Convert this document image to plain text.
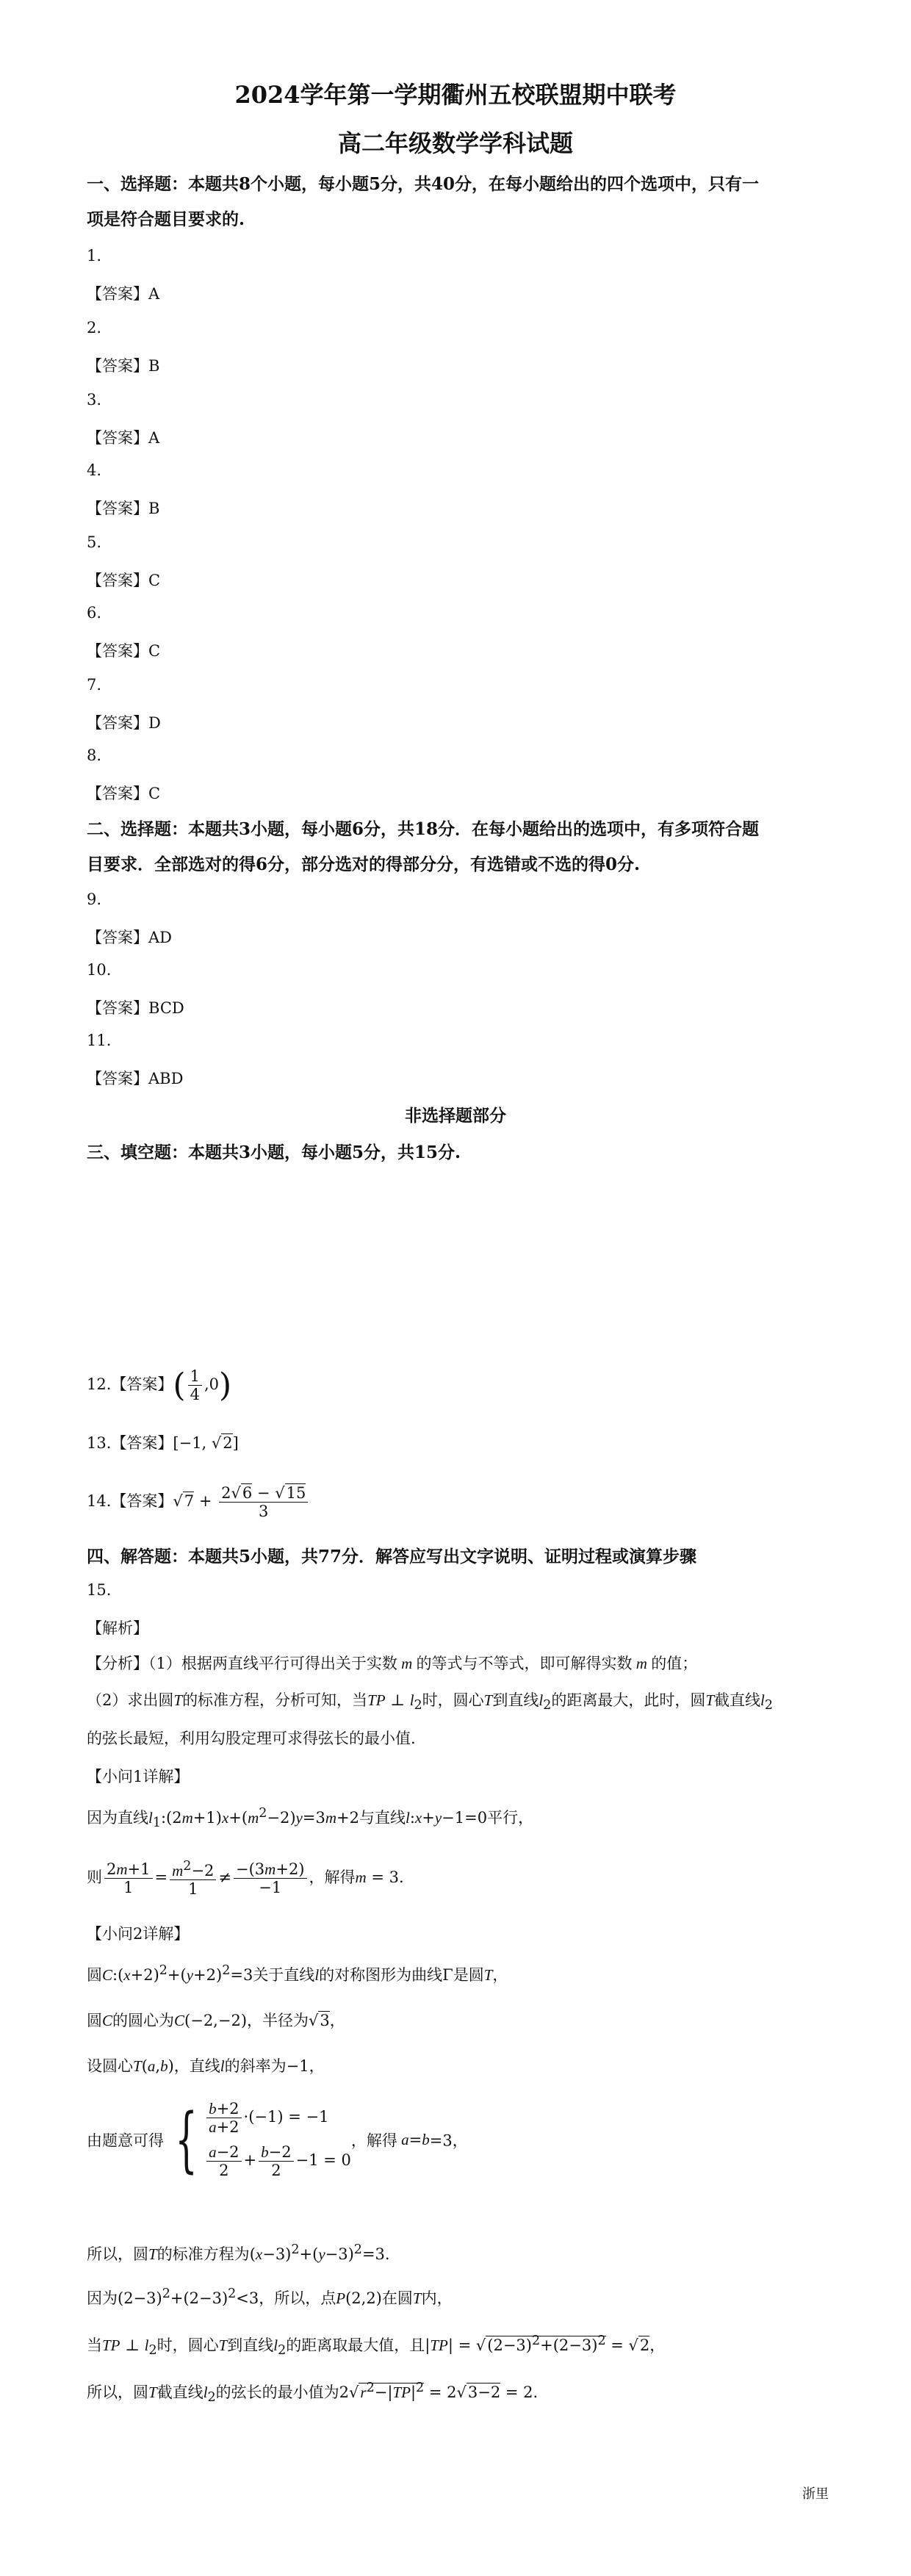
2024学年第一学期衢州五校联盟期中联考
高二年级数学学科试题
一、选择题：本题共8个小题，每小题5分，共40分，在每小题给出的四个选项中，只有一
项是符合题目要求的.
1.
【答案】A
2.
【答案】B
3.
【答案】A
4.
【答案】B
5.
【答案】C
6.
【答案】C
7.
【答案】D
8.
【答案】C
二、选择题：本题共3小题，每小题6分，共18分．在每小题给出的选项中，有多项符合题
目要求．全部选对的得6分，部分选对的得部分分，有选错或不选的得0分.
9.
【答案】AD
10.
【答案】BCD
11.
【答案】ABD
非选择题部分
三、填空题：本题共3小题，每小题5分，共15分.
12.【答案】( $\frac{1}{4} ,0$)
13.【答案】[−1, √2]
14.【答案】$√7 + \frac{2√6 - √15}{3}$
四、解答题：本题共5小题，共77分．解答应写出文字说明、证明过程或演算步骤
15.
【解析】
【分析】（1）根据两直线平行可得出关于实数 m 的等式与不等式，即可解得实数 m 的值；
（2）求出圆T的标准方程，分析可知，当TP ⊥ $l_2$时，圆心T到直线$l_2$的距离最大，此时，圆T截直线$l_2$
的弦长最短，利用勾股定理可求得弦长的最小值.
【小问1详解】
因为直线$l_1:(2m+1)x+(m^2-2)y=3m+2$与直线l:x+y−1=0平行，
则 $\frac{2m+1}{1} = \frac{m^2-2}{1} \ne \frac{-(3m+2)}{-1}$ ，解得m = 3.
【小问2详解】
圆$C:(x+2)^2+(y+2)^2=3$关于直线l的对称图形为曲线Γ是圆T，
圆C的圆心为C(−2,−2)，半径为√3，
设圆心T(a,b)，直线l的斜率为−1，
由题意可得 { $\frac{b+2}{a+2} \cdot(-1) = -1$
$\frac{a-2}{2} + \frac{b-2}{2} -1 = 0$
，解得 a=b=3，
所以，圆T的标准方程为$(x-3)^2+(y-3)^2=3$.
因为$(2-3)^2+(2-3)^2<3$，所以，点P(2,2)在圆T内，
当TP ⊥ $l_2$时，圆心T到直线$l_2$的距离取最大值，且$|TP| = √(2-3)^2+(2-3)^2 = √2$，
所以，圆T截直线$l_2$的弦长的最小值为$2√r^2-|TP|^2 = 2√3-2 = 2$.
浙里
